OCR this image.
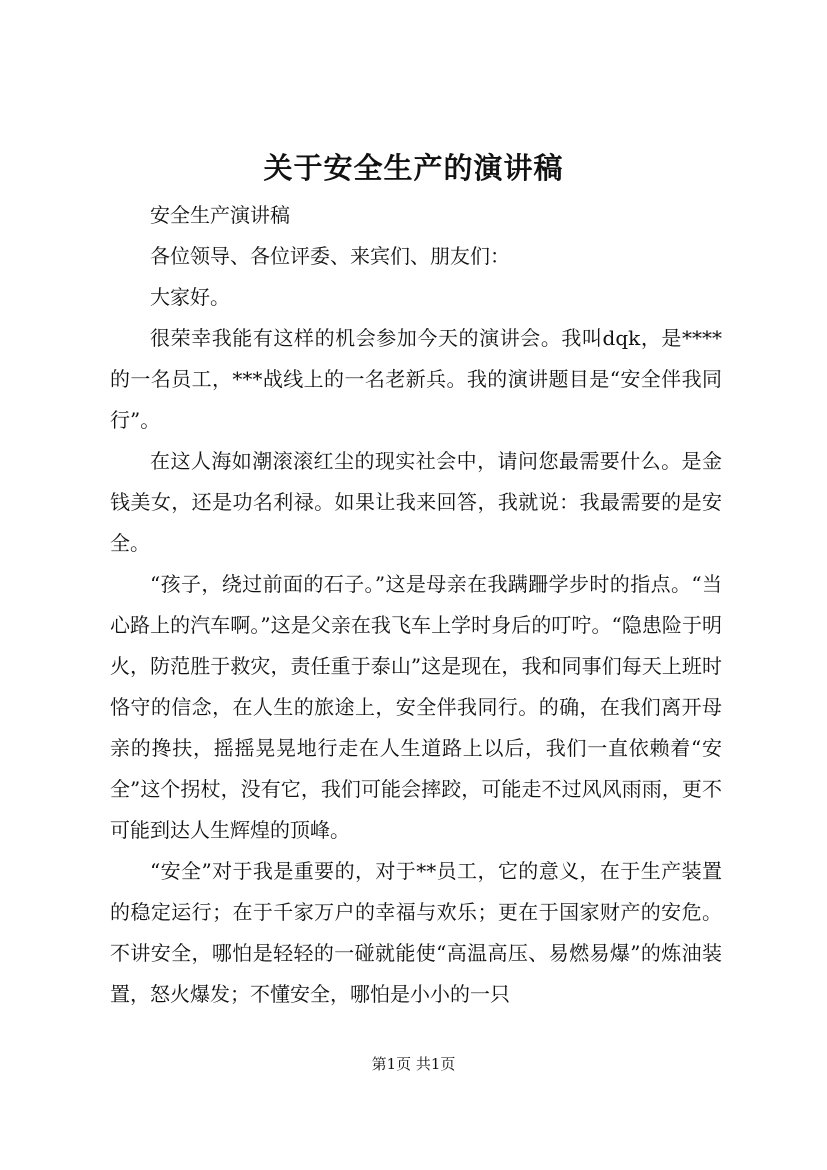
关于安全生产的演讲稿

安全生产演讲稿

各位领导、各位评委、来宾们、朋友们：

大家好。

很荣幸我能有这样的机会参加今天的演讲会。我叫dqk，是****的一名员工，***战线上的一名老新兵。我的演讲题目是“安全伴我同行”。

在这人海如潮滚滚红尘的现实社会中，请问您最需要什么。是金钱美女，还是功名利禄。如果让我来回答，我就说：我最需要的是安全。

“孩子，绕过前面的石子。”这是母亲在我蹒跚学步时的指点。“当心路上的汽车啊。”这是父亲在我飞车上学时身后的叮咛。“隐患险于明火，防范胜于救灾，责任重于泰山”这是现在，我和同事们每天上班时恪守的信念，在人生的旅途上，安全伴我同行。的确，在我们离开母亲的搀扶，摇摇晃晃地行走在人生道路上以后，我们一直依赖着“安全”这个拐杖，没有它，我们可能会摔跤，可能走不过风风雨雨，更不可能到达人生辉煌的顶峰。

“安全”对于我是重要的，对于**员工，它的意义，在于生产装置的稳定运行；在于千家万户的幸福与欢乐；更在于国家财产的安危。不讲安全，哪怕是轻轻的一碰就能使“高温高压、易燃易爆”的炼油装置，怒火爆发；不懂安全，哪怕是小小的一只

第1页 共1页
